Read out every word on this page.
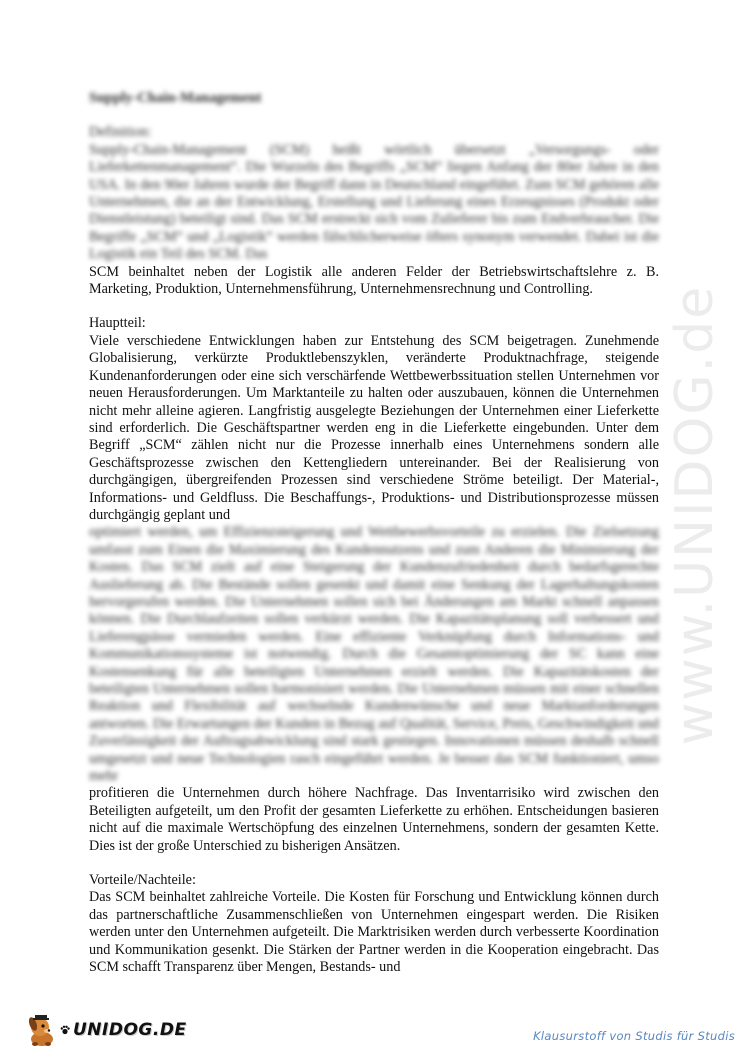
Supply-Chain-Management

Definition:

Supply-Chain-Management (SCM) heißt wörtlich übersetzt „Versorgungs- oder Lieferkettenmanagement“. Die Wurzeln des Begriffs „SCM“ liegen Anfang der 80er Jahre in den USA. In den 90er Jahren wurde der Begriff dann in Deutschland eingeführt. Zum SCM gehören alle Unternehmen, die an der Entwicklung, Erstellung und Lieferung eines Erzeugnisses (Produkt oder Dienstleistung) beteiligt sind. Das SCM erstreckt sich vom Zulieferer bis zum Endverbraucher. Die Begriffe „SCM“ und „Logistik“ werden fälschlicherweise öfters synonym verwendet. Dabei ist die Logistik ein Teil des SCM. Das
SCM beinhaltet neben der Logistik alle anderen Felder der Betriebswirtschaftslehre z. B. Marketing, Produktion, Unternehmensführung, Unternehmensrechnung und Controlling.

Hauptteil:

Viele verschiedene Entwicklungen haben zur Entstehung des SCM beigetragen. Zunehmende Globalisierung, verkürzte Produktlebenszyklen, veränderte Produktnachfrage, steigende Kundenanforderungen oder eine sich verschärfende Wettbewerbssituation stellen Unternehmen vor neuen Herausforderungen. Um Marktanteile zu halten oder auszubauen, können die Unternehmen nicht mehr alleine agieren. Langfristig ausgelegte Beziehungen der Unternehmen einer Lieferkette sind erforderlich. Die Geschäftspartner werden eng in die Lieferkette eingebunden. Unter dem Begriff „SCM“ zählen nicht nur die Prozesse innerhalb eines Unternehmens sondern alle Geschäftsprozesse zwischen den Kettengliedern untereinander. Bei der Realisierung von durchgängigen, übergreifenden Prozessen sind verschiedene Ströme beteiligt. Der Material-, Informations- und Geldfluss. Die Beschaffungs-, Produktions- und Distributionsprozesse müssen durchgängig geplant und
optimiert werden, um Effizienzsteigerung und Wettbewerbsvorteile zu erzielen. Die Zielsetzung umfasst zum Einen die Maximierung des Kundennutzens und zum Anderen die Minimierung der Kosten. Das SCM zielt auf eine Steigerung der Kundenzufriedenheit durch bedarfsgerechte Auslieferung ab. Die Bestände sollen gesenkt und damit eine Senkung der Lagerhaltungskosten hervorgerufen werden. Die Unternehmen sollen sich bei Änderungen am Markt schnell anpassen können. Die Durchlaufzeiten sollen verkürzt werden. Die Kapazitätsplanung soll verbessert und Lieferengpässe vermieden werden. Eine effiziente Verknüpfung durch Informations- und Kommunikationssysteme ist notwendig. Durch die Gesamtoptimierung der SC kann eine Kostensenkung für alle beteiligten Unternehmen erzielt werden. Die Kapazitätskosten der beteiligten Unternehmen sollen harmonisiert werden. Die Unternehmen müssen mit einer schnellen Reaktion und Flexibilität auf wechselnde Kundenwünsche und neue Marktanforderungen antworten. Die Erwartungen der Kunden in Bezug auf Qualität, Service, Preis, Geschwindigkeit und Zuverlässigkeit der Auftragsabwicklung sind stark gestiegen. Innovationen müssen deshalb schnell umgesetzt und neue Technologien rasch eingeführt werden. Je besser das SCM funktioniert, umso mehr
profitieren die Unternehmen durch höhere Nachfrage. Das Inventarrisiko wird zwischen den Beteiligten aufgeteilt, um den Profit der gesamten Lieferkette zu erhöhen. Entscheidungen basieren nicht auf die maximale Wertschöpfung des einzelnen Unternehmens, sondern der gesamten Kette. Dies ist der große Unterschied zu bisherigen Ansätzen.

Vorteile/Nachteile:

Das SCM beinhaltet zahlreiche Vorteile. Die Kosten für Forschung und Entwicklung können durch das partnerschaftliche Zusammenschließen von Unternehmen eingespart werden. Die Risiken werden unter den Unternehmen aufgeteilt. Die Marktrisiken werden durch verbesserte Koordination und Kommunikation gesenkt. Die Stärken der Partner werden in die Kooperation eingebracht. Das SCM schafft Transparenz über Mengen, Bestands- und

www.UNIDOG.de
UNIDOG.DE	Klausurstoff von Studis für Studis
